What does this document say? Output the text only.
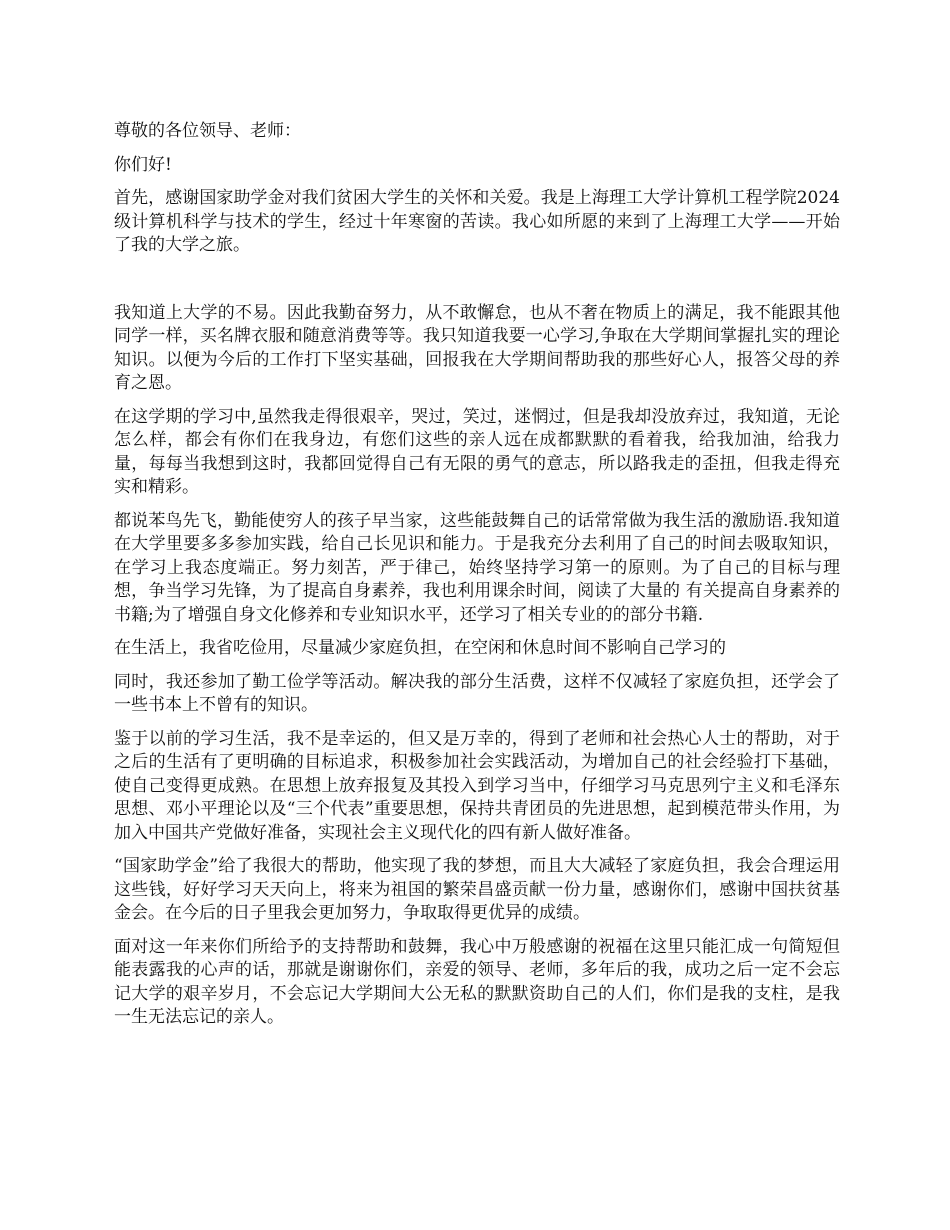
尊敬的各位领导、老师：

你们好!

首先，感谢国家助学金对我们贫困大学生的关怀和关爱。我是上海理工大学计算机工程学院2024级计算机科学与技术的学生，经过十年寒窗的苦读。我心如所愿的来到了上海理工大学——开始了我的大学之旅。

我知道上大学的不易。因此我勤奋努力，从不敢懈怠，也从不奢在物质上的满足，我不能跟其他同学一样，买名牌衣服和随意消费等等。我只知道我要一心学习,争取在大学期间掌握扎实的理论知识。以便为今后的工作打下坚实基础，回报我在大学期间帮助我的那些好心人，报答父母的养育之恩。

在这学期的学习中,虽然我走得很艰辛，哭过，笑过，迷惘过，但是我却没放弃过，我知道，无论怎么样，都会有你们在我身边，有您们这些的亲人远在成都默默的看着我，给我加油，给我力量，每每当我想到这时，我都回觉得自己有无限的勇气的意志，所以路我走的歪扭，但我走得充实和精彩。

都说苯鸟先飞，勤能使穷人的孩子早当家，这些能鼓舞自己的话常常做为我生活的激励语.我知道在大学里要多多参加实践，给自己长见识和能力。于是我充分去利用了自己的时间去吸取知识，在学习上我态度端正。努力刻苦，严于律己，始终坚持学习第一的原则。为了自己的目标与理想，争当学习先锋，为了提高自身素养，我也利用课余时间，阅读了大量的 有关提高自身素养的书籍;为了增强自身文化修养和专业知识水平，还学习了相关专业的的部分书籍.

在生活上，我省吃俭用，尽量减少家庭负担，在空闲和休息时间不影响自己学习的

同时，我还参加了勤工俭学等活动。解决我的部分生活费，这样不仅减轻了家庭负担，还学会了一些书本上不曾有的知识。

鉴于以前的学习生活，我不是幸运的，但又是万幸的，得到了老师和社会热心人士的帮助，对于之后的生活有了更明确的目标追求，积极参加社会实践活动，为增加自己的社会经验打下基础，使自己变得更成熟。在思想上放弃报复及其投入到学习当中，仔细学习马克思列宁主义和毛泽东思想、邓小平理论以及“三个代表”重要思想，保持共青团员的先进思想，起到模范带头作用，为加入中国共产党做好准备，实现社会主义现代化的四有新人做好准备。

“国家助学金”给了我很大的帮助，他实现了我的梦想，而且大大减轻了家庭负担，我会合理运用这些钱，好好学习天天向上，将来为祖国的繁荣昌盛贡献一份力量，感谢你们，感谢中国扶贫基金会。在今后的日子里我会更加努力，争取取得更优异的成绩。

面对这一年来你们所给予的支持帮助和鼓舞，我心中万般感谢的祝福在这里只能汇成一句简短但能表露我的心声的话，那就是谢谢你们，亲爱的领导、老师，多年后的我，成功之后一定不会忘记大学的艰辛岁月，不会忘记大学期间大公无私的默默资助自己的人们，你们是我的支柱，是我一生无法忘记的亲人。
